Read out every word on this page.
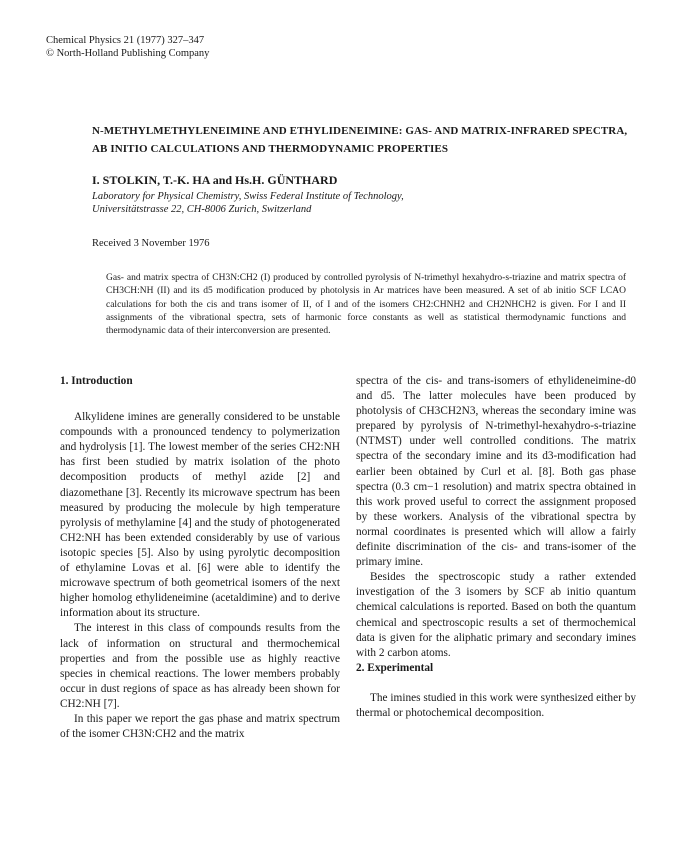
Chemical Physics 21 (1977) 327–347
© North-Holland Publishing Company
N-METHYLMETHYLENEIMINE AND ETHYLIDENEIMINE: GAS- AND MATRIX-INFRARED SPECTRA,
AB INITIO CALCULATIONS AND THERMODYNAMIC PROPERTIES
I. STOLKIN, T.-K. HA and Hs.H. GÜNTHARD
Laboratory for Physical Chemistry, Swiss Federal Institute of Technology,
Universitätstrasse 22, CH-8006 Zurich, Switzerland
Received 3 November 1976
Gas- and matrix spectra of CH3N:CH2 (I) produced by controlled pyrolysis of N-trimethyl hexahydro-s-triazine and matrix spectra of CH3CH:NH (II) and its d5 modification produced by photolysis in Ar matrices have been measured. A set of ab initio SCF LCAO calculations for both the cis and trans isomer of II, of I and of the isomers CH2:CHNH2 and CH2NHCH2 is given. For I and II assignments of the vibrational spectra, sets of harmonic force constants as well as statistical thermodynamic functions and thermodynamic data of their interconversion are presented.
1. Introduction

Alkylidene imines are generally considered to be unstable compounds with a pronounced tendency to polymerization and hydrolysis [1]. The lowest member of the series CH2:NH has first been studied by matrix isolation of the photo decomposition products of methyl azide [2] and diazomethane [3]. Recently its microwave spectrum has been measured by producing the molecule by high temperature pyrolysis of methylamine [4] and the study of photogenerated CH2:NH has been extended considerably by use of various isotopic species [5]. Also by using pyrolytic decomposition of ethylamine Lovas et al. [6] were able to identify the microwave spectrum of both geometrical isomers of the next higher homolog ethylideneimine (acetaldimine) and to derive information about its structure.

The interest in this class of compounds results from the lack of information on structural and thermochemical properties and from the possible use as highly reactive species in chemical reactions. The lower members probably occur in dust regions of space as has already been shown for CH2:NH [7].

In this paper we report the gas phase and matrix spectrum of the isomer CH3N:CH2 and the matrix

spectra of the cis- and trans-isomers of ethylideneimine-d0 and d5. The latter molecules have been produced by photolysis of CH3CH2N3, whereas the secondary imine was prepared by pyrolysis of N-trimethyl-hexahydro-s-triazine (NTMST) under well controlled conditions. The matrix spectra of the secondary imine and its d3-modification had earlier been obtained by Curl et al. [8]. Both gas phase spectra (0.3 cm−1 resolution) and matrix spectra obtained in this work proved useful to correct the assignment proposed by these workers. Analysis of the vibrational spectra by normal coordinates is presented which will allow a fairly definite discrimination of the cis- and trans-isomer of the primary imine.

Besides the spectroscopic study a rather extended investigation of the 3 isomers by SCF ab initio quantum chemical calculations is reported. Based on both the quantum chemical and spectroscopic results a set of thermochemical data is given for the aliphatic primary and secondary imines with 2 carbon atoms.

2. Experimental

The imines studied in this work were synthesized either by thermal or photochemical decomposition.
